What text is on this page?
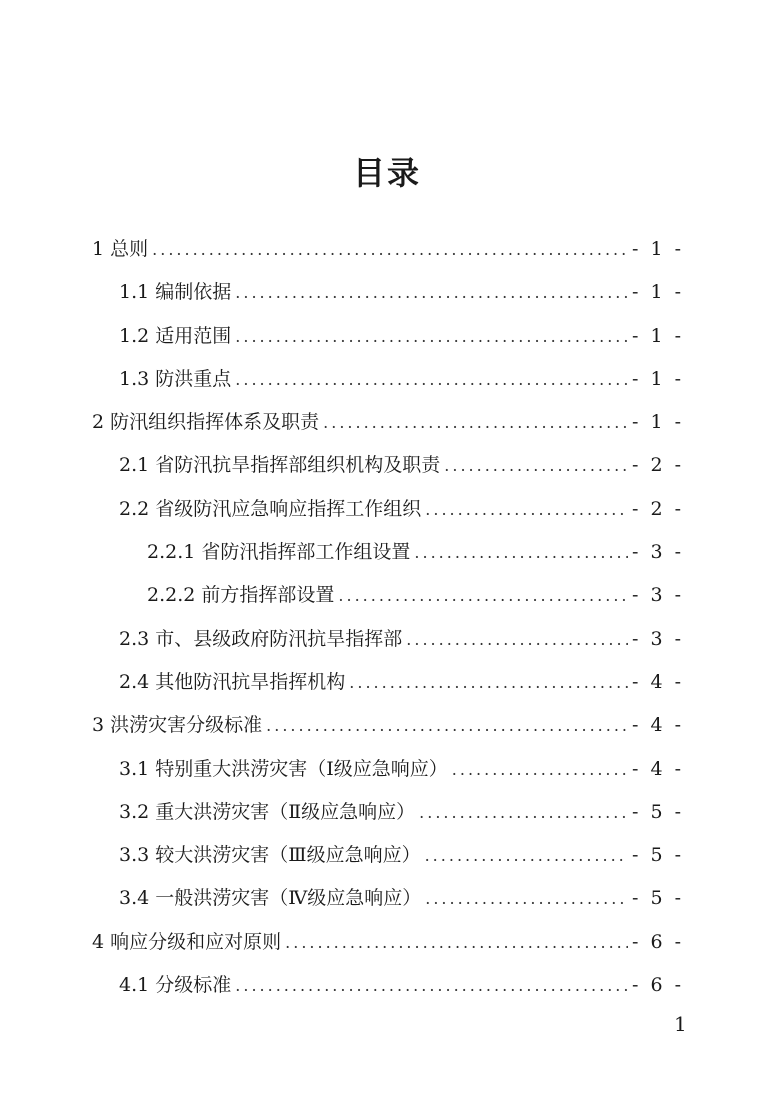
目录
1 总则 .....	- 1 -
1.1 编制依据 .....	- 1 -
1.2 适用范围 .....	- 1 -
1.3 防洪重点 .....	- 1 -
2 防汛组织指挥体系及职责 .....	- 1 -
2.1 省防汛抗旱指挥部组织机构及职责 .....	- 2 -
2.2 省级防汛应急响应指挥工作组织 .....	- 2 -
2.2.1 省防汛指挥部工作组设置 .....	- 3 -
2.2.2 前方指挥部设置 .....	- 3 -
2.3 市、县级政府防汛抗旱指挥部 .....	- 3 -
2.4 其他防汛抗旱指挥机构 .....	- 4 -
3 洪涝灾害分级标准 .....	- 4 -
3.1 特别重大洪涝灾害（Ⅰ级应急响应） .....	- 4 -
3.2 重大洪涝灾害（Ⅱ级应急响应） .....	- 5 -
3.3 较大洪涝灾害（Ⅲ级应急响应） .....	- 5 -
3.4 一般洪涝灾害（Ⅳ级应急响应） .....	- 5 -
4 响应分级和应对原则 .....	- 6 -
4.1 分级标准 .....	- 6 -
1
